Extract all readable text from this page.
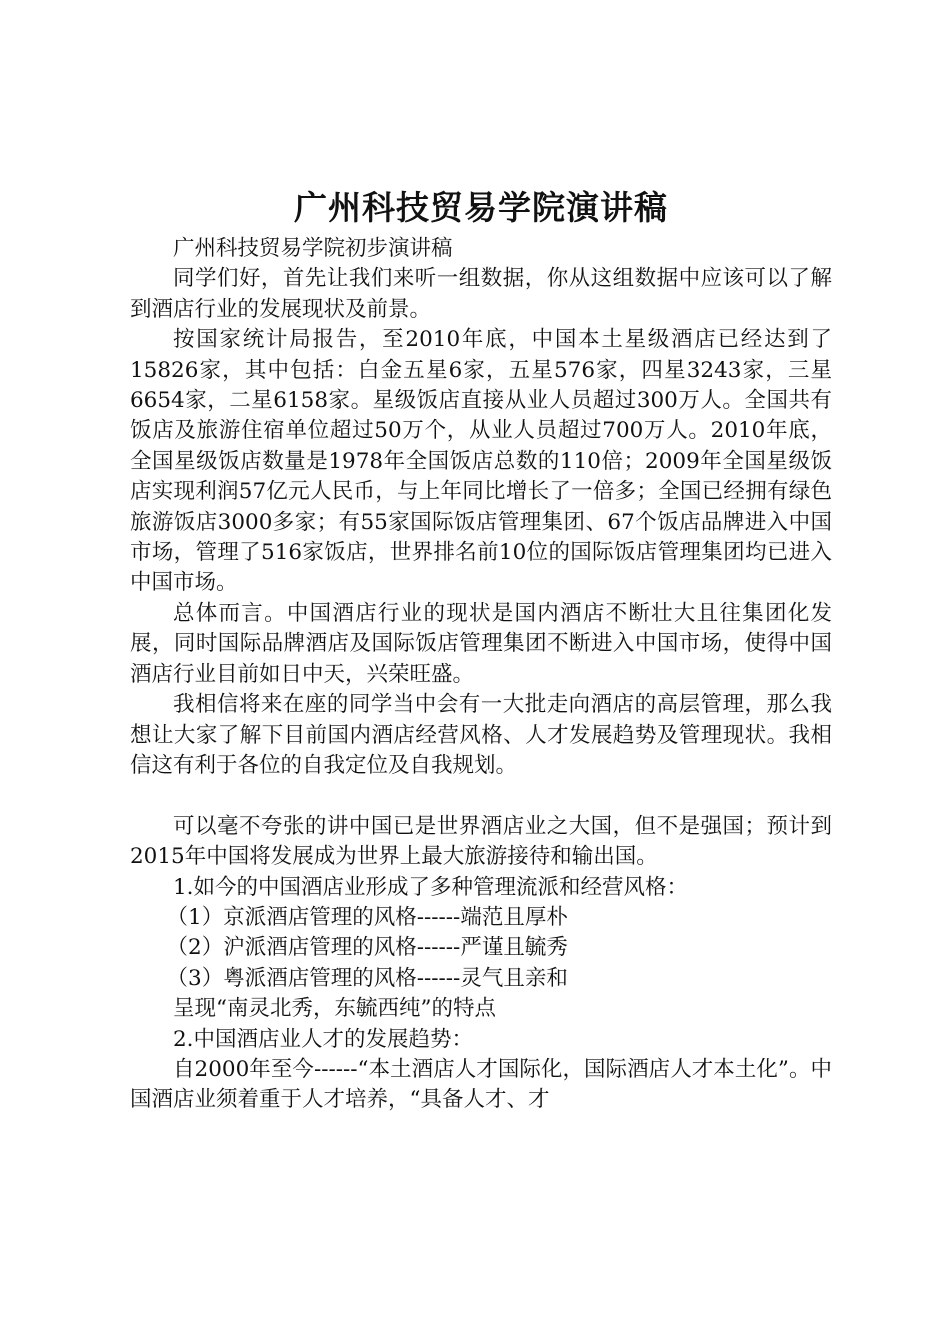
广州科技贸易学院演讲稿

广州科技贸易学院初步演讲稿

同学们好，首先让我们来听一组数据，你从这组数据中应该可以了解到酒店行业的发展现状及前景。

按国家统计局报告，至2010年底，中国本土星级酒店已经达到了15826家，其中包括：白金五星6家，五星576家，四星3243家，三星6654家，二星6158家。星级饭店直接从业人员超过300万人。全国共有饭店及旅游住宿单位超过50万个，从业人员超过700万人。2010年底，全国星级饭店数量是1978年全国饭店总数的110倍；2009年全国星级饭店实现利润57亿元人民币，与上年同比增长了一倍多；全国已经拥有绿色旅游饭店3000多家；有55家国际饭店管理集团、67个饭店品牌进入中国市场，管理了516家饭店，世界排名前10位的国际饭店管理集团均已进入中国市场。

总体而言。中国酒店行业的现状是国内酒店不断壮大且往集团化发展，同时国际品牌酒店及国际饭店管理集团不断进入中国市场，使得中国酒店行业目前如日中天，兴荣旺盛。

我相信将来在座的同学当中会有一大批走向酒店的高层管理，那么我想让大家了解下目前国内酒店经营风格、人才发展趋势及管理现状。我相信这有利于各位的自我定位及自我规划。

可以毫不夸张的讲中国已是世界酒店业之大国，但不是强国；预计到2015年中国将发展成为世界上最大旅游接待和输出国。

1.如今的中国酒店业形成了多种管理流派和经营风格：

（1）京派酒店管理的风格------端范且厚朴

（2）沪派酒店管理的风格------严谨且毓秀

（3）粤派酒店管理的风格------灵气且亲和

呈现“南灵北秀，东毓西纯”的特点

2.中国酒店业人才的发展趋势：

自2000年至今------“本土酒店人才国际化，国际酒店人才本土化”。中国酒店业须着重于人才培养，“具备人才、才
